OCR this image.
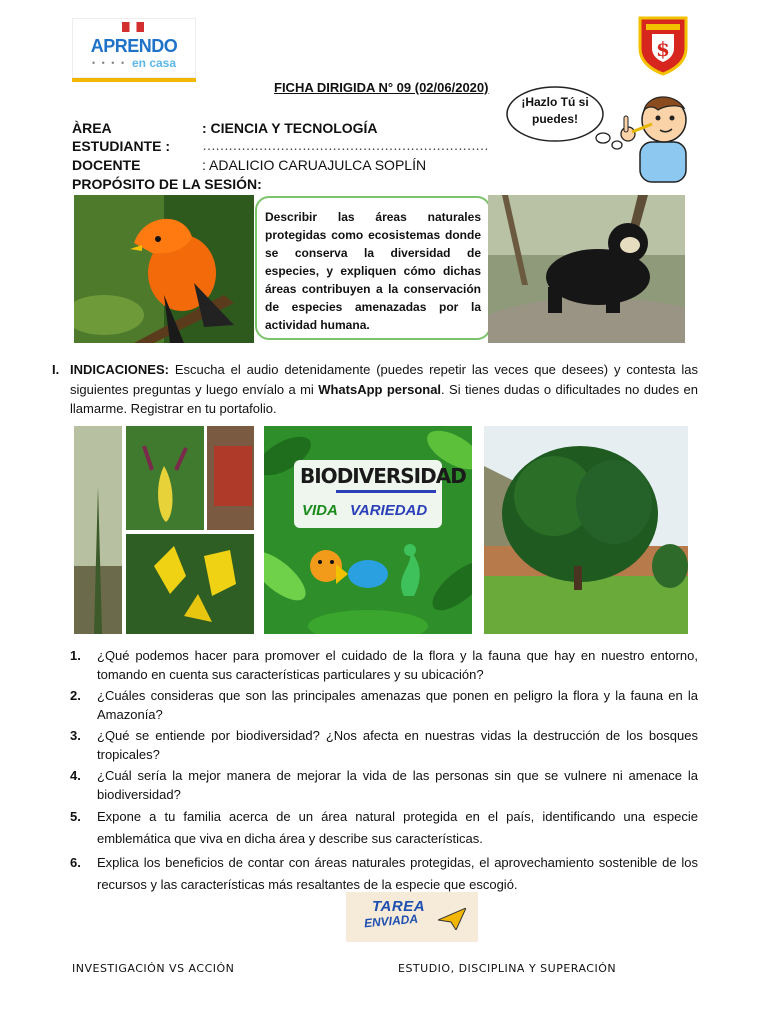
APRENDO
• • • • en casa
$
FICHA DIRIGIDA N° 09 (02/06/2020)
ÀREA	: CIENCIA Y TECNOLOGÍA
ESTUDIANTE : …………………………………………………………
DOCENTE	: ADALICIO CARUAJULCA SOPLÍN
PROPÓSITO DE LA SESIÓN:
¡Hazlo Tú si puedes!

Describir las áreas naturales protegidas como ecosistemas donde se conserva la diversidad de especies, y expliquen cómo dichas áreas contribuyen a la conservación de especies amenazadas por la actividad humana.

I. INDICACIONES: Escucha el audio detenidamente (puedes repetir las veces que desees) y contesta las siguientes preguntas y luego envíalo a mi WhatsApp personal. Si tienes dudas o dificultades no dudes en llamarme. Registrar en tu portafolio.
BIODIVERSIDAD
VIDA VARIEDAD
1. ¿Qué podemos hacer para promover el cuidado de la flora y la fauna que hay en nuestro entorno, tomando en cuenta sus características particulares y su ubicación?
2. ¿Cuáles consideras que son las principales amenazas que ponen en peligro la flora y la fauna en la Amazonía?
3. ¿Qué se entiende por biodiversidad? ¿Nos afecta en nuestras vidas la destrucción de los bosques tropicales?
4. ¿Cuál sería la mejor manera de mejorar la vida de las personas sin que se vulnere ni amenace la biodiversidad?
5. Expone a tu familia acerca de un área natural protegida en el país, identificando una especie emblemática que viva en dicha área y describe sus características.
6. Explica los beneficios de contar con áreas naturales protegidas, el aprovechamiento sostenible de los recursos y las características más resaltantes de la especie que escogió.
TAREA
ENVIADA
INVESTIGACIÓN VS ACCIÓN	ESTUDIO, DISCIPLINA Y SUPERACIÓN
